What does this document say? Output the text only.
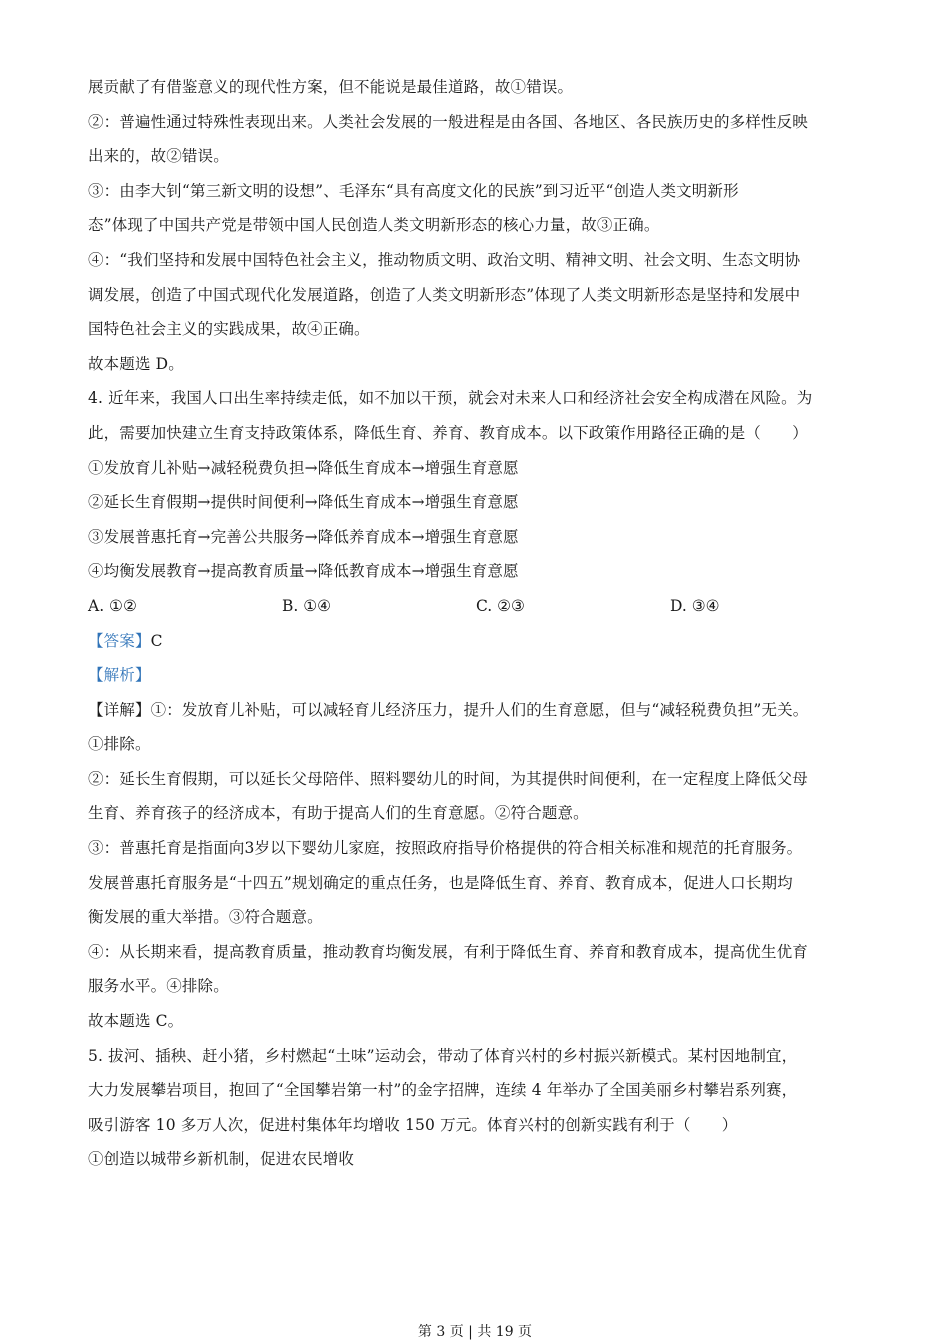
展贡献了有借鉴意义的现代性方案，但不能说是最佳道路，故①错误。
②：普遍性通过特殊性表现出来。人类社会发展的一般进程是由各国、各地区、各民族历史的多样性反映
出来的，故②错误。
③：由李大钊“第三新文明的设想”、毛泽东“具有高度文化的民族”到习近平“创造人类文明新形
态”体现了中国共产党是带领中国人民创造人类文明新形态的核心力量，故③正确。
④：“我们坚持和发展中国特色社会主义，推动物质文明、政治文明、精神文明、社会文明、生态文明协
调发展，创造了中国式现代化发展道路，创造了人类文明新形态”体现了人类文明新形态是坚持和发展中
国特色社会主义的实践成果，故④正确。
故本题选 D。
4. 近年来，我国人口出生率持续走低，如不加以干预，就会对未来人口和经济社会安全构成潜在风险。为
此，需要加快建立生育支持政策体系，降低生育、养育、教育成本。以下政策作用路径正确的是（　　）
①发放育儿补贴→减轻税费负担→降低生育成本→增强生育意愿
②延长生育假期→提供时间便利→降低生育成本→增强生育意愿
③发展普惠托育→完善公共服务→降低养育成本→增强生育意愿
④均衡发展教育→提高教育质量→降低教育成本→增强生育意愿
A. ①②	B. ①④	C. ②③	D. ③④
【答案】C
【解析】
【详解】①：发放育儿补贴，可以减轻育儿经济压力，提升人们的生育意愿，但与“减轻税费负担”无关。
①排除。
②：延长生育假期，可以延长父母陪伴、照料婴幼儿的时间，为其提供时间便利，在一定程度上降低父母
生育、养育孩子的经济成本，有助于提高人们的生育意愿。②符合题意。
③：普惠托育是指面向3岁以下婴幼儿家庭，按照政府指导价格提供的符合相关标准和规范的托育服务。
发展普惠托育服务是“十四五”规划确定的重点任务，也是降低生育、养育、教育成本，促进人口长期均
衡发展的重大举措。③符合题意。
④：从长期来看，提高教育质量，推动教育均衡发展，有利于降低生育、养育和教育成本，提高优生优育
服务水平。④排除。
故本题选 C。
5. 拔河、插秧、赶小猪，乡村燃起“土味”运动会，带动了体育兴村的乡村振兴新模式。某村因地制宜，
大力发展攀岩项目，抱回了“全国攀岩第一村”的金字招牌，连续 4 年举办了全国美丽乡村攀岩系列赛，
吸引游客 10 多万人次，促进村集体年均增收 150 万元。体育兴村的创新实践有利于（　　）
①创造以城带乡新机制，促进农民增收
第 3 页 | 共 19 页
